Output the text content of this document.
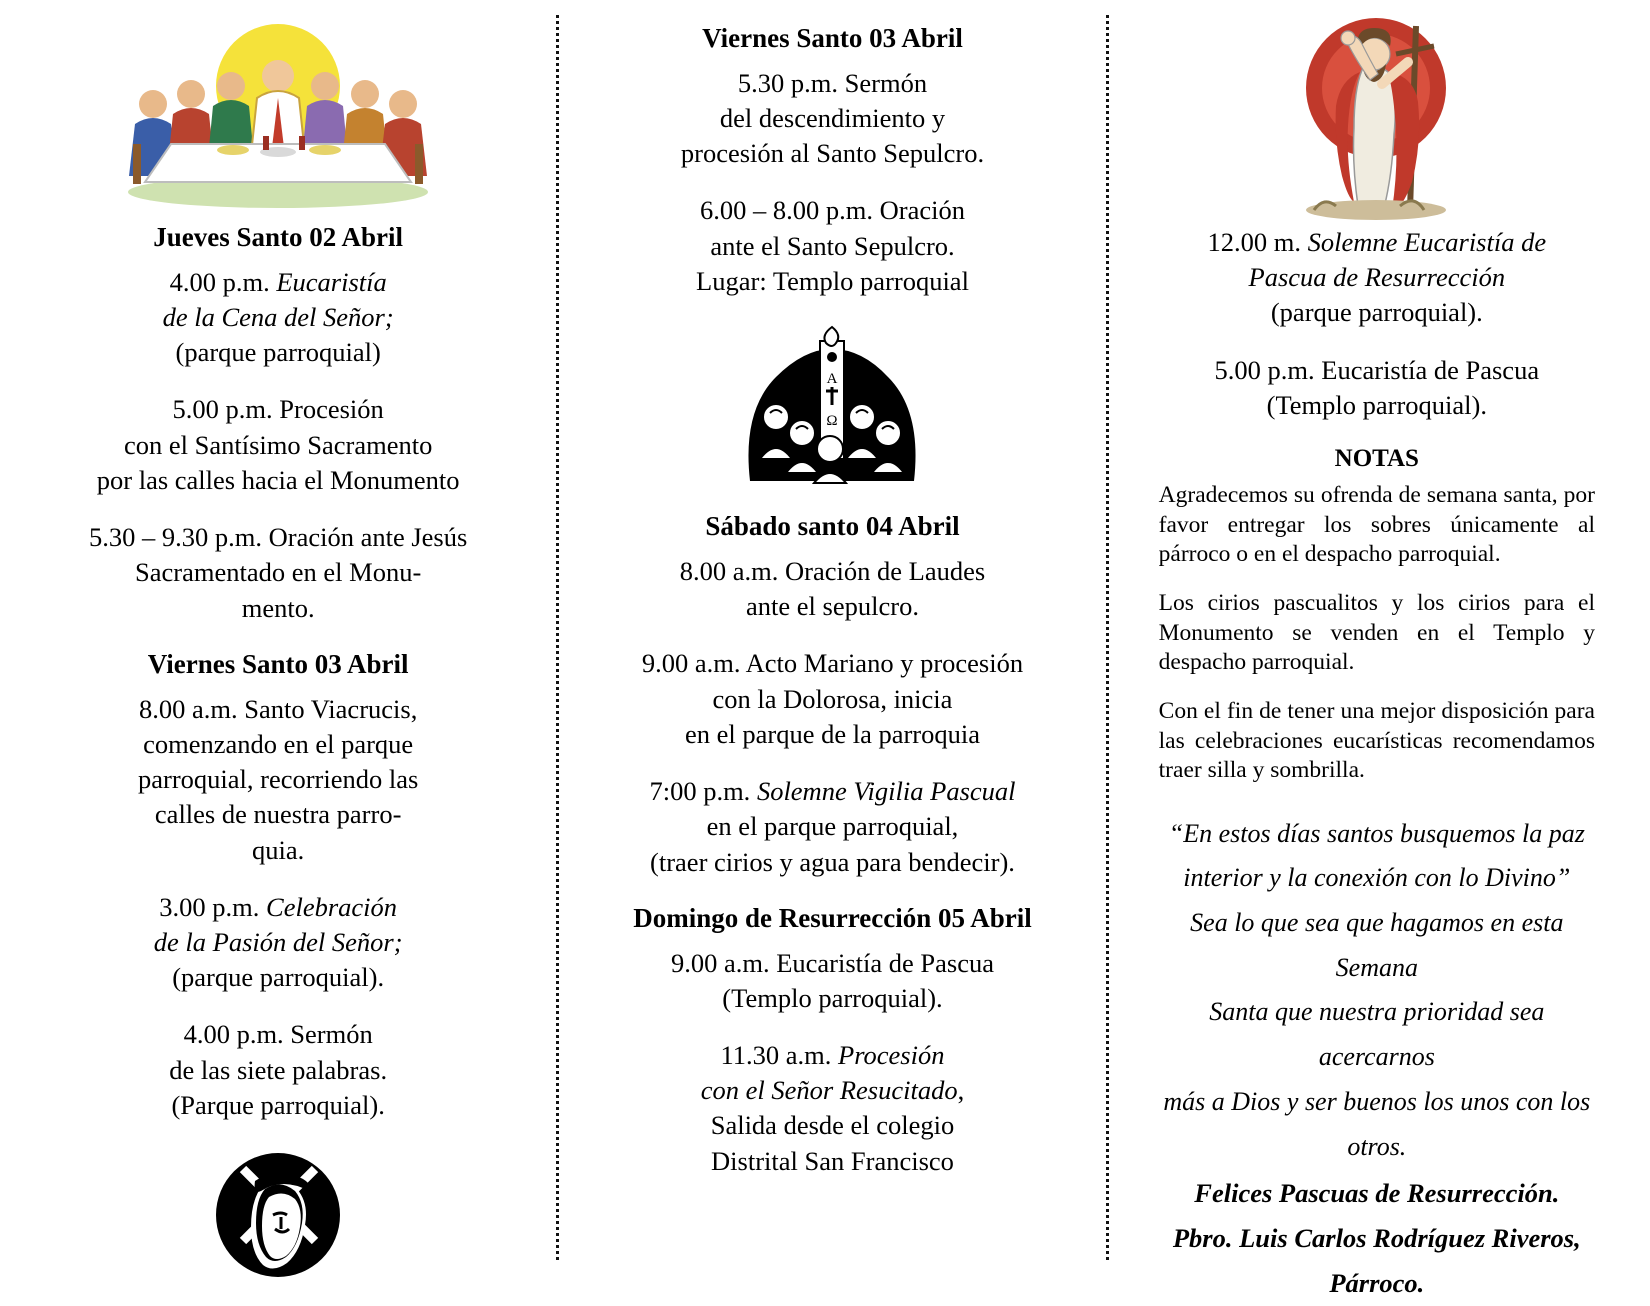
Jueves Santo 02 Abril

4.00 p.m. Eucaristía
de la Cena del Señor;
(parque parroquial)

5.00 p.m. Procesión
con el Santísimo Sacramento
por las calles hacia el Monumento

5.30 – 9.30 p.m. Oración ante Jesús
Sacramentado en el Monu-
mento.

Viernes Santo 03 Abril

8.00 a.m. Santo Viacrucis,
comenzando en el parque
parroquial, recorriendo las
calles de nuestra parro-
quia.

3.00 p.m. Celebración
de la Pasión del Señor;
(parque parroquial).

4.00 p.m. Sermón
de las siete palabras.
(Parque parroquial).

Viernes Santo 03 Abril

5.30 p.m. Sermón
del descendimiento y
procesión al Santo Sepulcro.

6.00 – 8.00 p.m. Oración
ante el Santo Sepulcro.
Lugar: Templo parroquial

A
Ω
Sábado santo 04 Abril

8.00 a.m. Oración de Laudes
ante el sepulcro.

9.00 a.m. Acto Mariano y procesión
con la Dolorosa, inicia
en el parque de la parroquia

7:00 p.m. Solemne Vigilia Pascual
en el parque parroquial,
(traer cirios y agua para bendecir).

Domingo de Resurrección 05 Abril

9.00 a.m. Eucaristía de Pascua
(Templo parroquial).

11.30 a.m. Procesión
con el Señor Resucitado,
Salida desde el colegio
Distrital San Francisco

12.00 m. Solemne Eucaristía de
Pascua de Resurrección
(parque parroquial).

5.00 p.m. Eucaristía de Pascua
(Templo parroquial).

NOTAS

Agradecemos su ofrenda de semana santa, por favor entregar los sobres únicamente al párroco o en el despacho parroquial.

Los cirios pascualitos y los cirios para el Monumento se venden en el Templo y despacho parroquial.

Con el fin de tener una mejor disposición para las celebraciones eucarísticas recomendamos traer silla y sombrilla.

“En estos días santos busquemos la paz
interior y la conexión con lo Divino”
Sea lo que sea que hagamos en esta Semana
Santa que nuestra prioridad sea acercarnos
más a Dios y ser buenos los unos con los
otros.

Felices Pascuas de Resurrección.
Pbro. Luis Carlos Rodríguez Riveros,
Párroco.
